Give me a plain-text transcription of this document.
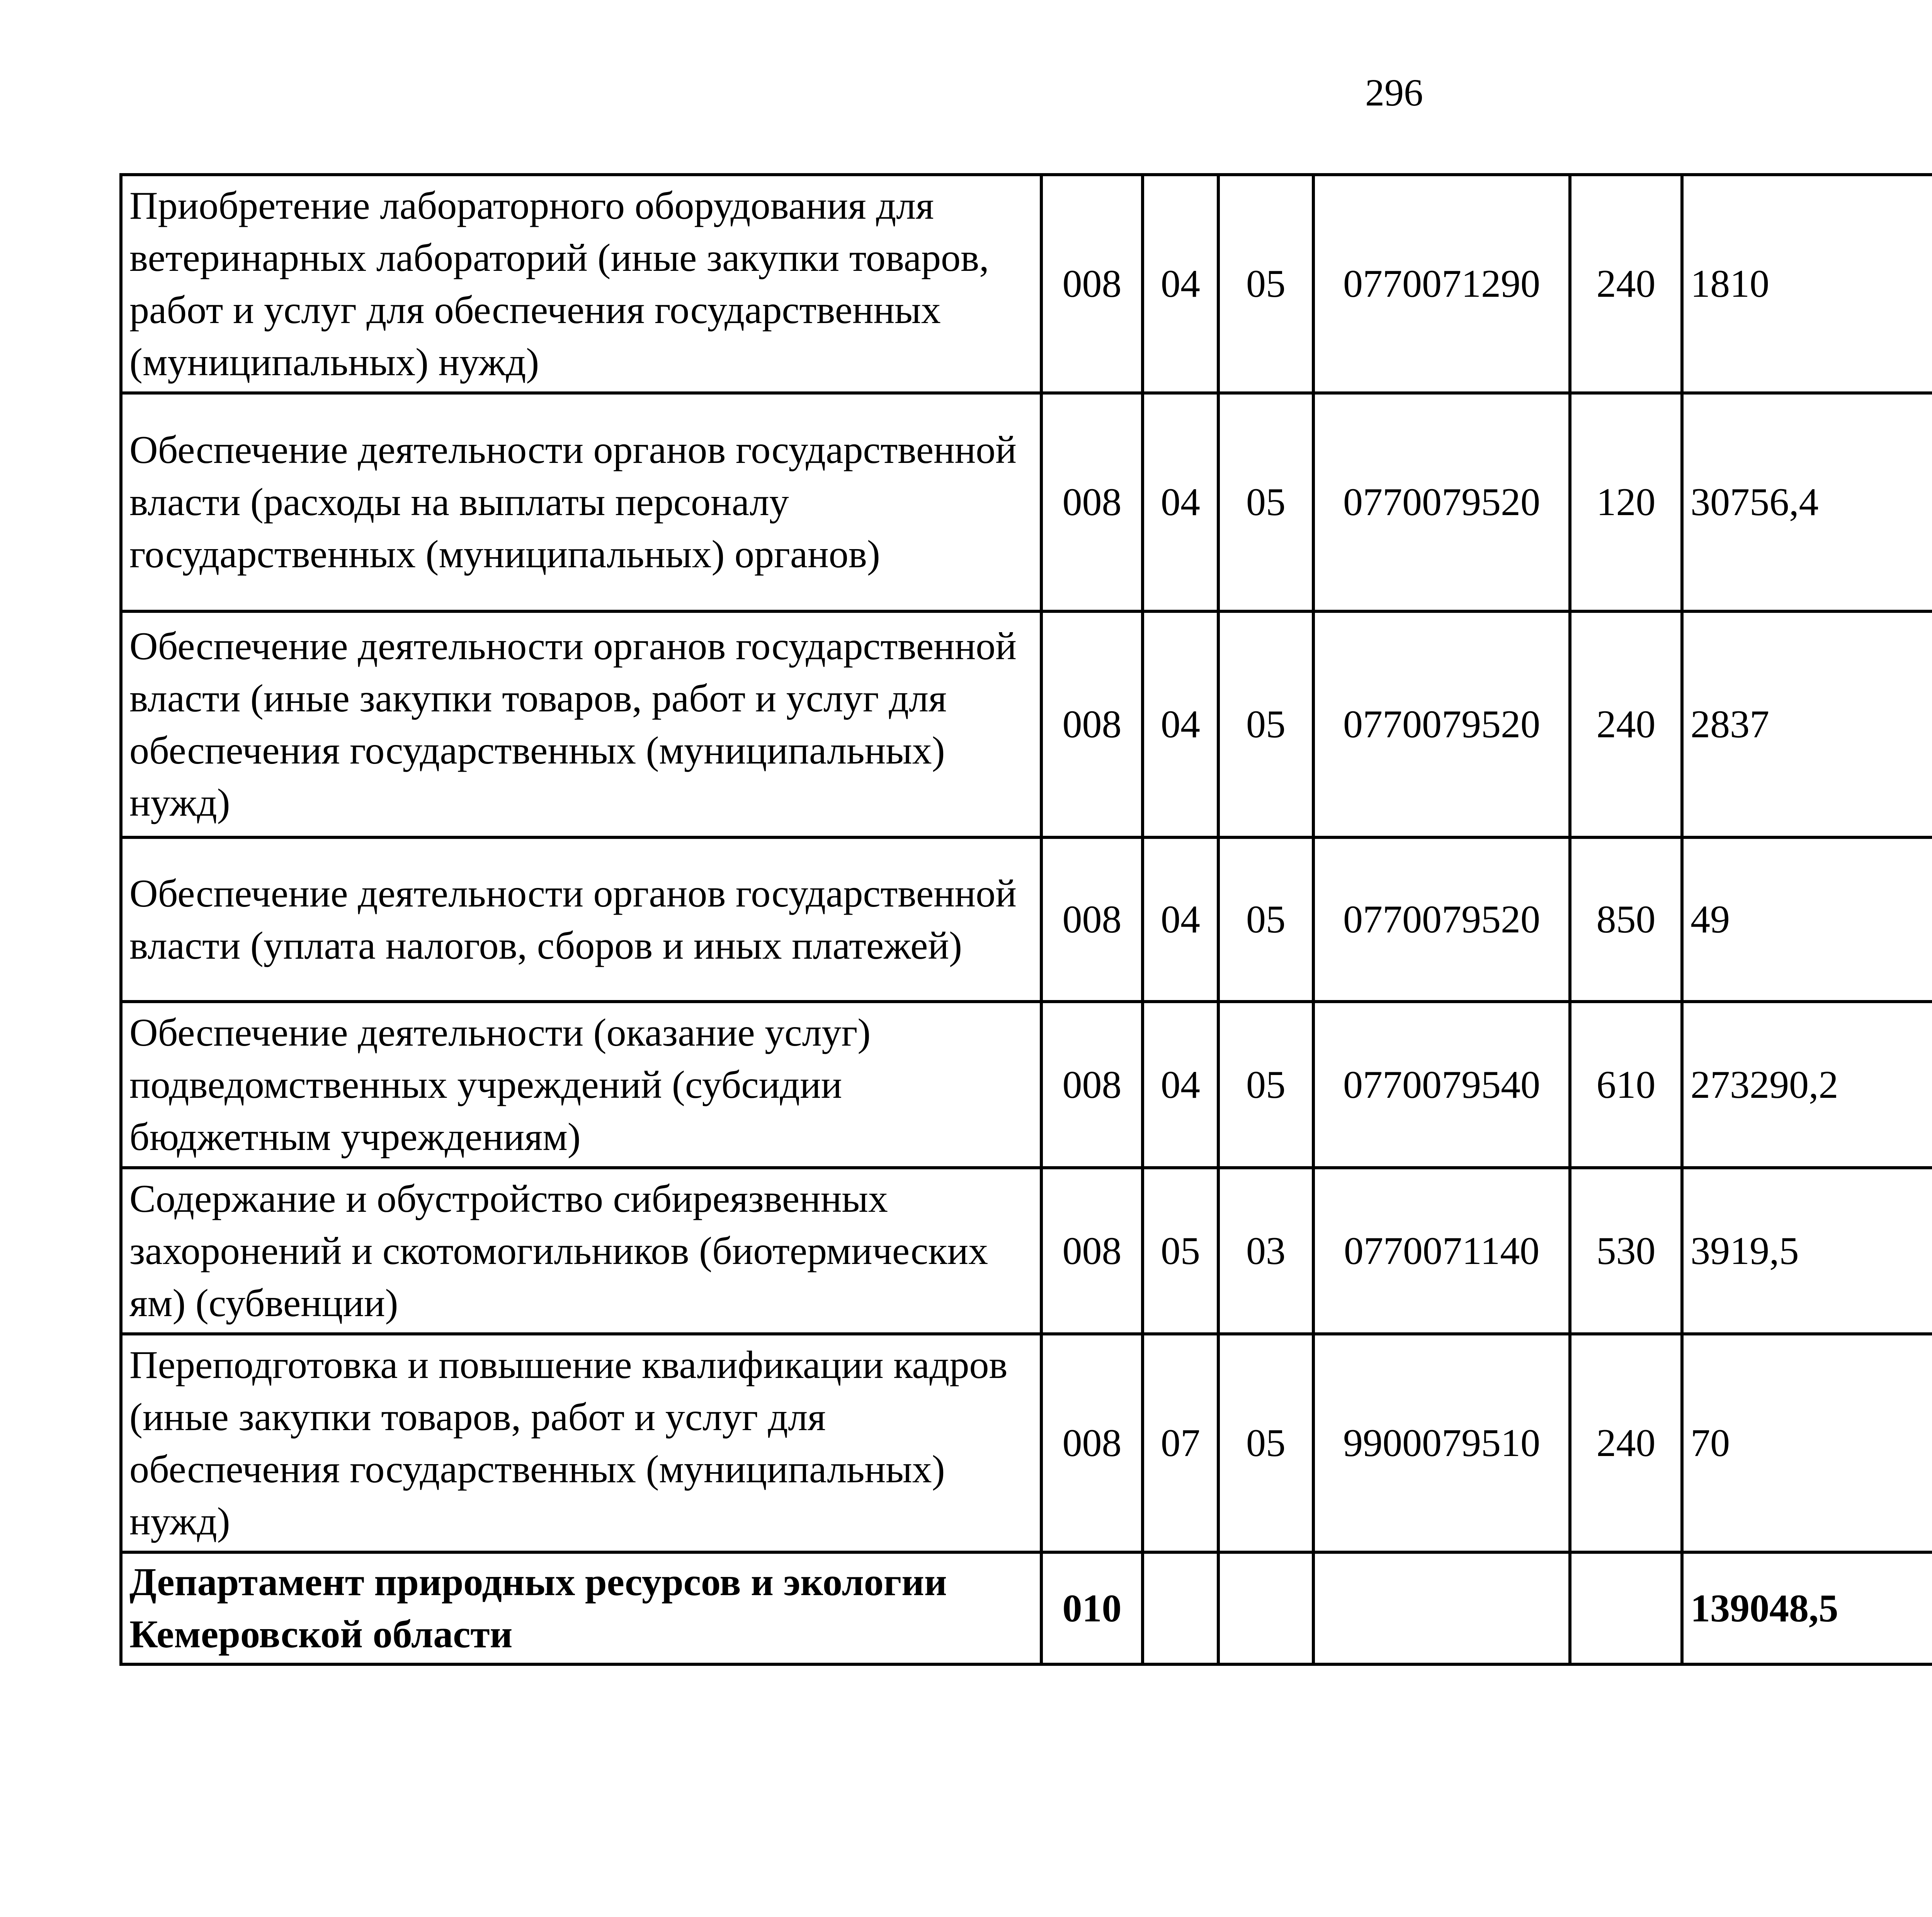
296
Приобретение лабораторного оборудования для ветеринарных лабораторий (иные закупки товаров, работ и услуг для обеспечения государственных (муниципальных) нужд)	008	04	05	0770071290	240	1810		
Обеспечение деятельности органов государственной власти (расходы на выплаты персоналу государственных (муниципальных) органов)	008	04	05	0770079520	120	30756,4		
Обеспечение деятельности органов государственной власти (иные закупки товаров, работ и услуг для обеспечения государственных (муниципальных) нужд)	008	04	05	0770079520	240	2837		
Обеспечение деятельности органов государственной власти (уплата налогов, сборов и иных платежей)	008	04	05	0770079520	850	49		
Обеспечение деятельности (оказание услуг) подведомственных учреждений (субсидии бюджетным учреждениям)	008	04	05	0770079540	610	273290,2		
Содержание и обустройство сибиреязвенных захоронений и скотомогильников (биотермических ям) (субвенции)	008	05	03	0770071140	530	3919,5		
Переподготовка и повышение квалификации кадров (иные закупки товаров, работ и услуг для обеспечения государственных (муниципальных) нужд)	008	07	05	9900079510	240	70		
Департамент природных ресурсов и экологии Кемеровской области	010					139048,5		
